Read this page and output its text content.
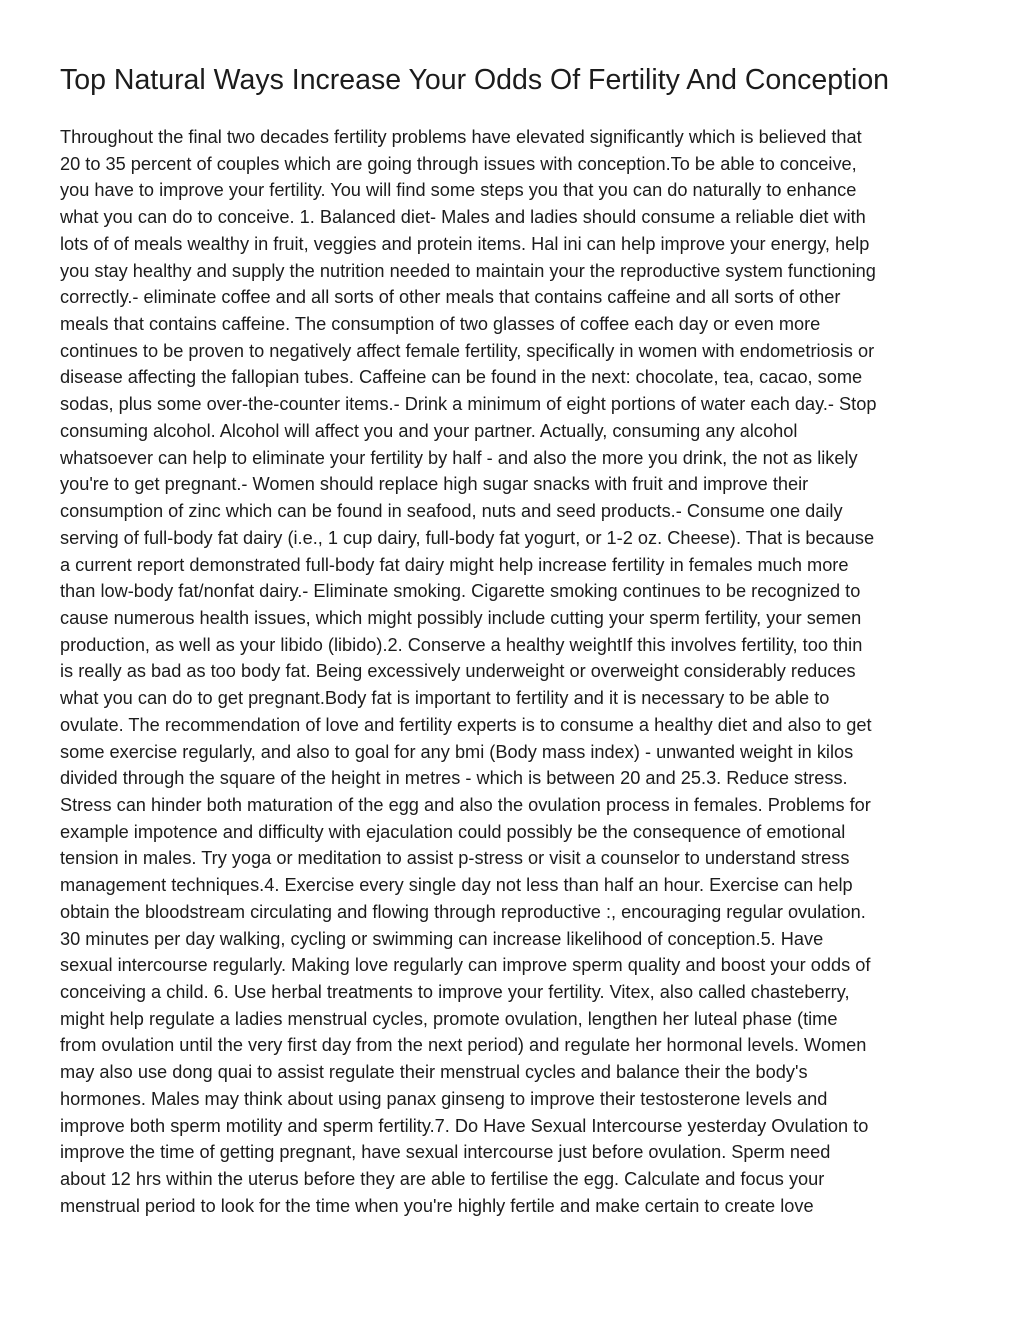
Top Natural Ways Increase Your Odds Of Fertility And Conception
Throughout the final two decades fertility problems have elevated significantly which is believed that
20 to 35 percent of couples which are going through issues with conception.To be able to conceive,
you have to improve your fertility. You will find some steps you that you can do naturally to enhance
what you can do to conceive. 1. Balanced diet- Males and ladies should consume a reliable diet with
lots of of meals wealthy in fruit, veggies and protein items. Hal ini can help improve your energy, help
you stay healthy and supply the nutrition needed to maintain your the reproductive system functioning
correctly.- eliminate coffee and all sorts of other meals that contains caffeine and all sorts of other
meals that contains caffeine. The consumption of two glasses of coffee each day or even more
continues to be proven to negatively affect female fertility, specifically in women with endometriosis or
disease affecting the fallopian tubes. Caffeine can be found in the next: chocolate, tea, cacao, some
sodas, plus some over-the-counter items.- Drink a minimum of eight portions of water each day.- Stop
consuming alcohol. Alcohol will affect you and your partner. Actually, consuming any alcohol
whatsoever can help to eliminate your fertility by half - and also the more you drink, the not as likely
you're to get pregnant.- Women should replace high sugar snacks with fruit and improve their
consumption of zinc which can be found in seafood, nuts and seed products.- Consume one daily
serving of full-body fat dairy (i.e., 1 cup dairy, full-body fat yogurt, or 1-2 oz. Cheese). That is because
a current report demonstrated full-body fat dairy might help increase fertility in females much more
than low-body fat/nonfat dairy.- Eliminate smoking. Cigarette smoking continues to be recognized to
cause numerous health issues, which might possibly include cutting your sperm fertility, your semen
production, as well as your libido (libido).2. Conserve a healthy weightIf this involves fertility, too thin
is really as bad as too body fat. Being excessively underweight or overweight considerably reduces
what you can do to get pregnant.Body fat is important to fertility and it is necessary to be able to
ovulate. The recommendation of love and fertility experts is to consume a healthy diet and also to get
some exercise regularly, and also to goal for any bmi (Body mass index) - unwanted weight in kilos
divided through the square of the height in metres - which is between 20 and 25.3. Reduce stress.
Stress can hinder both maturation of the egg and also the ovulation process in females. Problems for
example impotence and difficulty with ejaculation could possibly be the consequence of emotional
tension in males. Try yoga or meditation to assist p-stress or visit a counselor to understand stress
management techniques.4. Exercise every single day not less than half an hour. Exercise can help
obtain the bloodstream circulating and flowing through reproductive :, encouraging regular ovulation.
30 minutes per day walking, cycling or swimming can increase likelihood of conception.5. Have
sexual intercourse regularly. Making love regularly can improve sperm quality and boost your odds of
conceiving a child. 6. Use herbal treatments to improve your fertility. Vitex, also called chasteberry,
might help regulate a ladies menstrual cycles, promote ovulation, lengthen her luteal phase (time
from ovulation until the very first day from the next period) and regulate her hormonal levels. Women
may also use dong quai to assist regulate their menstrual cycles and balance their the body's
hormones. Males may think about using panax ginseng to improve their testosterone levels and
improve both sperm motility and sperm fertility.7. Do Have Sexual Intercourse yesterday Ovulation to
improve the time of getting pregnant, have sexual intercourse just before ovulation. Sperm need
about 12 hrs within the uterus before they are able to fertilise the egg. Calculate and focus your
menstrual period to look for the time when you're highly fertile and make certain to create love
